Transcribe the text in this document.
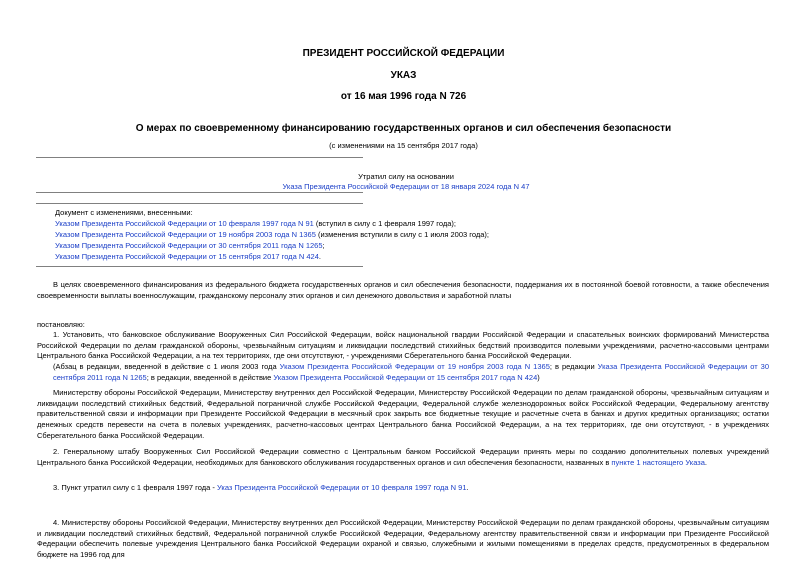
ПРЕЗИДЕНТ РОССИЙСКОЙ ФЕДЕРАЦИИ
УКАЗ
от 16 мая 1996 года N 726
О мерах по своевременному финансированию государственных органов и сил обеспечения безопасности
(с изменениями на 15 сентября 2017 года)
Утратил силу на основании
Указа Президента Российской Федерации от 18 января 2024 года N 47
Документ с изменениями, внесенными:
Указом Президента Российской Федерации от 10 февраля 1997 года N 91 (вступил в силу с 1 февраля 1997 года);
Указом Президента Российской Федерации от 19 ноября 2003 года N 1365 (изменения вступили в силу с 1 июля 2003 года);
Указом Президента Российской Федерации от 30 сентября 2011 года N 1265;
Указом Президента Российской Федерации от 15 сентября 2017 года N 424.
В целях своевременного финансирования из федерального бюджета государственных органов и сил обеспечения безопасности, поддержания их в постоянной боевой готовности, а также обеспечения своевременности выплаты военнослужащим, гражданскому персоналу этих органов и сил денежного довольствия и заработной платы
постановляю:
1. Установить, что банковское обслуживание Вооруженных Сил Российской Федерации, войск национальной гвардии Российской Федерации и спасательных воинских формирований Министерства Российской Федерации по делам гражданской обороны, чрезвычайным ситуациям и ликвидации последствий стихийных бедствий производится полевыми учреждениями, расчетно-кассовыми центрами Центрального банка Российской Федерации, а на тех территориях, где они отсутствуют, - учреждениями Сберегательного банка Российской Федерации.
(Абзац в редакции, введенной в действие с 1 июля 2003 года Указом Президента Российской Федерации от 19 ноября 2003 года N 1365; в редакции Указа Президента Российской Федерации от 30 сентября 2011 года N 1265; в редакции, введенной в действие Указом Президента Российской Федерации от 15 сентября 2017 года N 424)
Министерству обороны Российской Федерации, Министерству внутренних дел Российской Федерации, Министерству Российской Федерации по делам гражданской обороны, чрезвычайным ситуациям и ликвидации последствий стихийных бедствий, Федеральной пограничной службе Российской Федерации, Федеральной службе железнодорожных войск Российской Федерации, Федеральному агентству правительственной связи и информации при Президенте Российской Федерации в месячный срок закрыть все бюджетные текущие и расчетные счета в банках и других кредитных организациях; остатки денежных средств перевести на счета в полевых учреждениях, расчетно-кассовых центрах Центрального банка Российской Федерации, а на тех территориях, где они отсутствуют, - в учреждениях Сберегательного банка Российской Федерации.
2. Генеральному штабу Вооруженных Сил Российской Федерации совместно с Центральным банком Российской Федерации принять меры по созданию дополнительных полевых учреждений Центрального банка Российской Федерации, необходимых для банковского обслуживания государственных органов и сил обеспечения безопасности, названных в пункте 1 настоящего Указа.
3. Пункт утратил силу с 1 февраля 1997 года - Указ Президента Российской Федерации от 10 февраля 1997 года N 91.
4. Министерству обороны Российской Федерации, Министерству внутренних дел Российской Федерации, Министерству Российской Федерации по делам гражданской обороны, чрезвычайным ситуациям и ликвидации последствий стихийных бедствий, Федеральной пограничной службе Российской Федерации, Федеральному агентству правительственной связи и информации при Президенте Российской Федерации обеспечить полевые учреждения Центрального банка Российской Федерации охраной и связью, служебными и жилыми помещениями в пределах средств, предусмотренных в федеральном бюджете на 1996 год для
